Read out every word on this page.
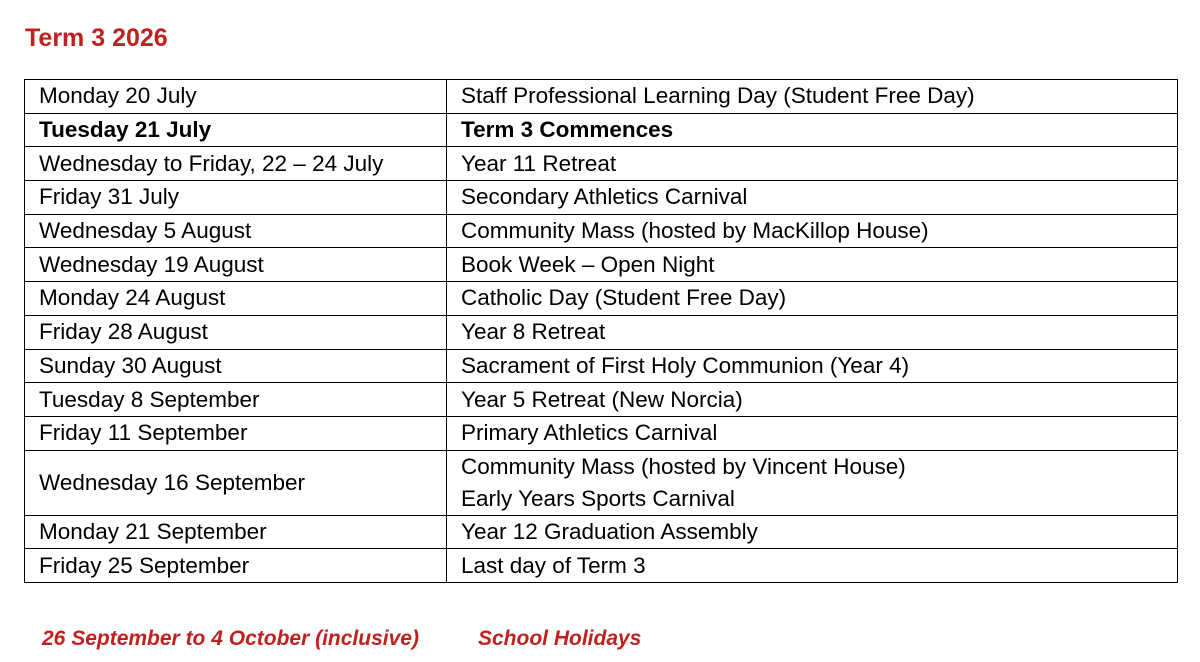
Term 3 2026
Monday 20 July	Staff Professional Learning Day (Student Free Day)
Tuesday 21 July	Term 3 Commences
Wednesday to Friday, 22 – 24 July	Year 11 Retreat
Friday 31 July	Secondary Athletics Carnival
Wednesday 5 August	Community Mass (hosted by MacKillop House)
Wednesday 19 August	Book Week – Open Night
Monday 24 August	Catholic Day (Student Free Day)
Friday 28 August	Year 8 Retreat
Sunday 30 August	Sacrament of First Holy Communion (Year 4)
Tuesday 8 September	Year 5 Retreat (New Norcia)
Friday 11 September	Primary Athletics Carnival
Wednesday 16 September	Community Mass (hosted by Vincent House)
Early Years Sports Carnival

Monday 21 September	Year 12 Graduation Assembly
Friday 25 September	Last day of Term 3
26 September to 4 October (inclusive)	School Holidays
